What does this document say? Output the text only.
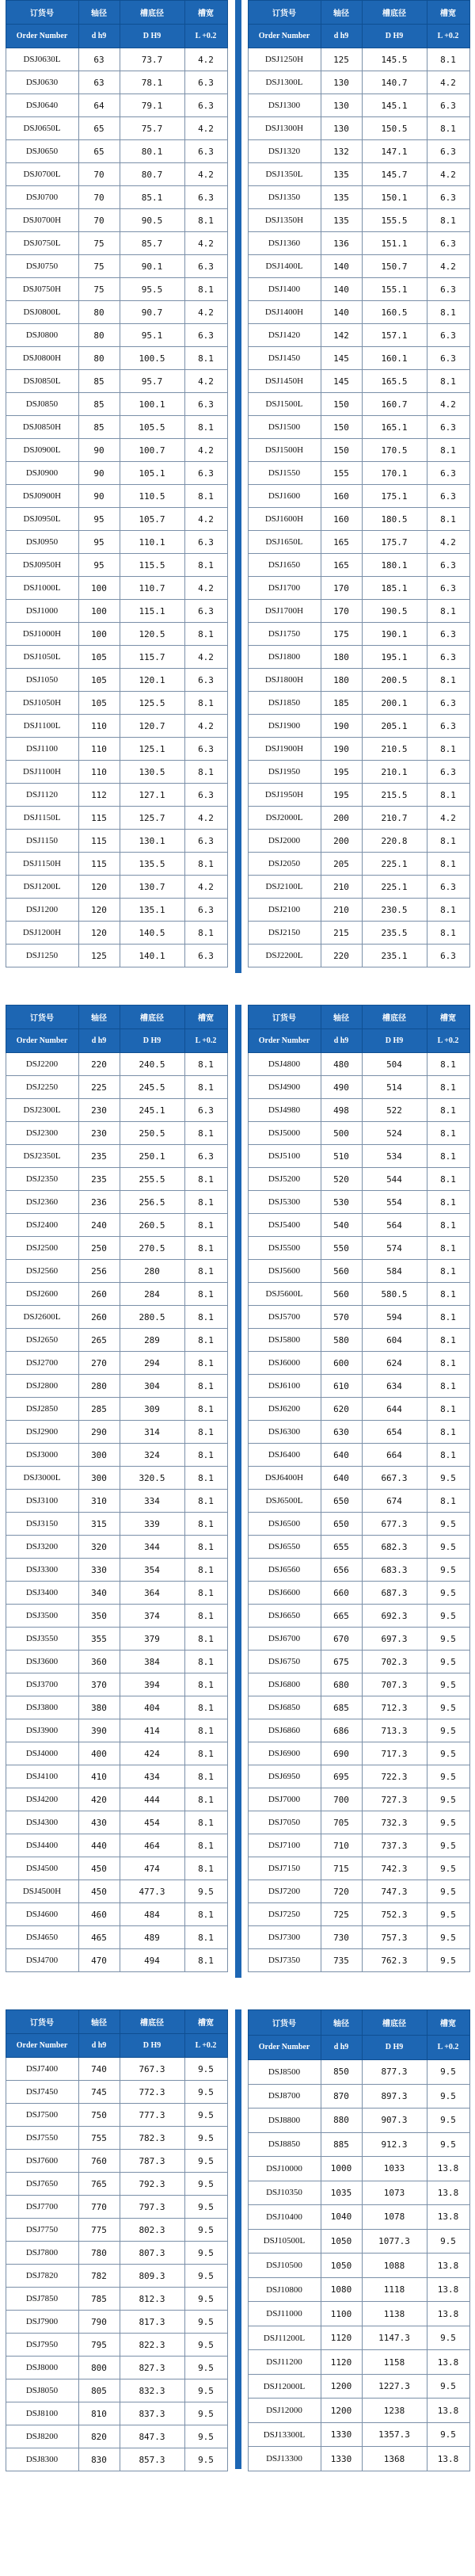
订货号	轴径	槽底径	槽宽
Order Number	d h9	D H9	L +0.2
DSJ0630L	63	73.7	4.2
DSJ0630	63	78.1	6.3
DSJ0640	64	79.1	6.3
DSJ0650L	65	75.7	4.2
DSJ0650	65	80.1	6.3
DSJ0700L	70	80.7	4.2
DSJ0700	70	85.1	6.3
DSJ0700H	70	90.5	8.1
DSJ0750L	75	85.7	4.2
DSJ0750	75	90.1	6.3
DSJ0750H	75	95.5	8.1
DSJ0800L	80	90.7	4.2
DSJ0800	80	95.1	6.3
DSJ0800H	80	100.5	8.1
DSJ0850L	85	95.7	4.2
DSJ0850	85	100.1	6.3
DSJ0850H	85	105.5	8.1
DSJ0900L	90	100.7	4.2
DSJ0900	90	105.1	6.3
DSJ0900H	90	110.5	8.1
DSJ0950L	95	105.7	4.2
DSJ0950	95	110.1	6.3
DSJ0950H	95	115.5	8.1
DSJ1000L	100	110.7	4.2
DSJ1000	100	115.1	6.3
DSJ1000H	100	120.5	8.1
DSJ1050L	105	115.7	4.2
DSJ1050	105	120.1	6.3
DSJ1050H	105	125.5	8.1
DSJ1100L	110	120.7	4.2
DSJ1100	110	125.1	6.3
DSJ1100H	110	130.5	8.1
DSJ1120	112	127.1	6.3
DSJ1150L	115	125.7	4.2
DSJ1150	115	130.1	6.3
DSJ1150H	115	135.5	8.1
DSJ1200L	120	130.7	4.2
DSJ1200	120	135.1	6.3
DSJ1200H	120	140.5	8.1
DSJ1250	125	140.1	6.3
订货号	轴径	槽底径	槽宽
Order Number	d h9	D H9	L +0.2
DSJ1250H	125	145.5	8.1
DSJ1300L	130	140.7	4.2
DSJ1300	130	145.1	6.3
DSJ1300H	130	150.5	8.1
DSJ1320	132	147.1	6.3
DSJ1350L	135	145.7	4.2
DSJ1350	135	150.1	6.3
DSJ1350H	135	155.5	8.1
DSJ1360	136	151.1	6.3
DSJ1400L	140	150.7	4.2
DSJ1400	140	155.1	6.3
DSJ1400H	140	160.5	8.1
DSJ1420	142	157.1	6.3
DSJ1450	145	160.1	6.3
DSJ1450H	145	165.5	8.1
DSJ1500L	150	160.7	4.2
DSJ1500	150	165.1	6.3
DSJ1500H	150	170.5	8.1
DSJ1550	155	170.1	6.3
DSJ1600	160	175.1	6.3
DSJ1600H	160	180.5	8.1
DSJ1650L	165	175.7	4.2
DSJ1650	165	180.1	6.3
DSJ1700	170	185.1	6.3
DSJ1700H	170	190.5	8.1
DSJ1750	175	190.1	6.3
DSJ1800	180	195.1	6.3
DSJ1800H	180	200.5	8.1
DSJ1850	185	200.1	6.3
DSJ1900	190	205.1	6.3
DSJ1900H	190	210.5	8.1
DSJ1950	195	210.1	6.3
DSJ1950H	195	215.5	8.1
DSJ2000L	200	210.7	4.2
DSJ2000	200	220.8	8.1
DSJ2050	205	225.1	8.1
DSJ2100L	210	225.1	6.3
DSJ2100	210	230.5	8.1
DSJ2150	215	235.5	8.1
DSJ2200L	220	235.1	6.3
订货号	轴径	槽底径	槽宽
Order Number	d h9	D H9	L +0.2
DSJ2200	220	240.5	8.1
DSJ2250	225	245.5	8.1
DSJ2300L	230	245.1	6.3
DSJ2300	230	250.5	8.1
DSJ2350L	235	250.1	6.3
DSJ2350	235	255.5	8.1
DSJ2360	236	256.5	8.1
DSJ2400	240	260.5	8.1
DSJ2500	250	270.5	8.1
DSJ2560	256	280	8.1
DSJ2600	260	284	8.1
DSJ2600L	260	280.5	8.1
DSJ2650	265	289	8.1
DSJ2700	270	294	8.1
DSJ2800	280	304	8.1
DSJ2850	285	309	8.1
DSJ2900	290	314	8.1
DSJ3000	300	324	8.1
DSJ3000L	300	320.5	8.1
DSJ3100	310	334	8.1
DSJ3150	315	339	8.1
DSJ3200	320	344	8.1
DSJ3300	330	354	8.1
DSJ3400	340	364	8.1
DSJ3500	350	374	8.1
DSJ3550	355	379	8.1
DSJ3600	360	384	8.1
DSJ3700	370	394	8.1
DSJ3800	380	404	8.1
DSJ3900	390	414	8.1
DSJ4000	400	424	8.1
DSJ4100	410	434	8.1
DSJ4200	420	444	8.1
DSJ4300	430	454	8.1
DSJ4400	440	464	8.1
DSJ4500	450	474	8.1
DSJ4500H	450	477.3	9.5
DSJ4600	460	484	8.1
DSJ4650	465	489	8.1
DSJ4700	470	494	8.1
订货号	轴径	槽底径	槽宽
Order Number	d h9	D H9	L +0.2
DSJ4800	480	504	8.1
DSJ4900	490	514	8.1
DSJ4980	498	522	8.1
DSJ5000	500	524	8.1
DSJ5100	510	534	8.1
DSJ5200	520	544	8.1
DSJ5300	530	554	8.1
DSJ5400	540	564	8.1
DSJ5500	550	574	8.1
DSJ5600	560	584	8.1
DSJ5600L	560	580.5	8.1
DSJ5700	570	594	8.1
DSJ5800	580	604	8.1
DSJ6000	600	624	8.1
DSJ6100	610	634	8.1
DSJ6200	620	644	8.1
DSJ6300	630	654	8.1
DSJ6400	640	664	8.1
DSJ6400H	640	667.3	9.5
DSJ6500L	650	674	8.1
DSJ6500	650	677.3	9.5
DSJ6550	655	682.3	9.5
DSJ6560	656	683.3	9.5
DSJ6600	660	687.3	9.5
DSJ6650	665	692.3	9.5
DSJ6700	670	697.3	9.5
DSJ6750	675	702.3	9.5
DSJ6800	680	707.3	9.5
DSJ6850	685	712.3	9.5
DSJ6860	686	713.3	9.5
DSJ6900	690	717.3	9.5
DSJ6950	695	722.3	9.5
DSJ7000	700	727.3	9.5
DSJ7050	705	732.3	9.5
DSJ7100	710	737.3	9.5
DSJ7150	715	742.3	9.5
DSJ7200	720	747.3	9.5
DSJ7250	725	752.3	9.5
DSJ7300	730	757.3	9.5
DSJ7350	735	762.3	9.5
订货号	轴径	槽底径	槽宽
Order Number	d h9	D H9	L +0.2
DSJ7400	740	767.3	9.5
DSJ7450	745	772.3	9.5
DSJ7500	750	777.3	9.5
DSJ7550	755	782.3	9.5
DSJ7600	760	787.3	9.5
DSJ7650	765	792.3	9.5
DSJ7700	770	797.3	9.5
DSJ7750	775	802.3	9.5
DSJ7800	780	807.3	9.5
DSJ7820	782	809.3	9.5
DSJ7850	785	812.3	9.5
DSJ7900	790	817.3	9.5
DSJ7950	795	822.3	9.5
DSJ8000	800	827.3	9.5
DSJ8050	805	832.3	9.5
DSJ8100	810	837.3	9.5
DSJ8200	820	847.3	9.5
DSJ8300	830	857.3	9.5
订货号	轴径	槽底径	槽宽
Order Number	d h9	D H9	L +0.2
DSJ8500	850	877.3	9.5
DSJ8700	870	897.3	9.5
DSJ8800	880	907.3	9.5
DSJ8850	885	912.3	9.5
DSJ10000	1000	1033	13.8
DSJ10350	1035	1073	13.8
DSJ10400	1040	1078	13.8
DSJ10500L	1050	1077.3	9.5
DSJ10500	1050	1088	13.8
DSJ10800	1080	1118	13.8
DSJ11000	1100	1138	13.8
DSJ11200L	1120	1147.3	9.5
DSJ11200	1120	1158	13.8
DSJ12000L	1200	1227.3	9.5
DSJ12000	1200	1238	13.8
DSJ13300L	1330	1357.3	9.5
DSJ13300	1330	1368	13.8
